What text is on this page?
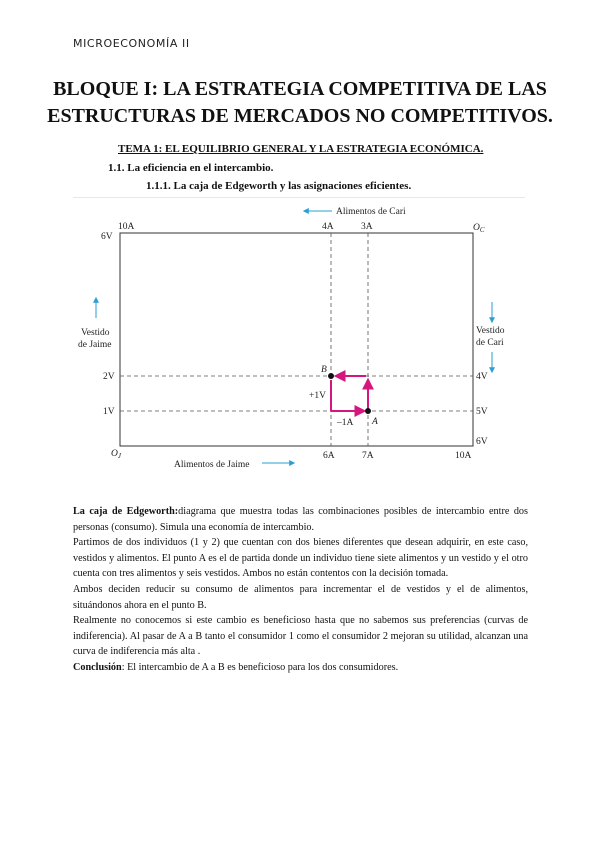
MICROECONOMÍA II
BLOQUE I: LA ESTRATEGIA COMPETITIVA DE LAS
ESTRUCTURAS DE MERCADOS NO COMPETITIVOS.
TEMA 1: EL EQUILIBRIO GENERAL Y LA ESTRATEGIA ECONÓMICA.
1.1. La eficiencia en el intercambio.
1.1.1. La caja de Edgeworth y las asignaciones eficientes.
Alimentos de Cari
Alimentos de Jaime
Vestido
de Jaime
Vestido
de Cari
$O_J$
$O_C$
10A	4A	3A
6A	7A	10A
6V
2V
1V
4V
5V
6V
B
A
+1V
–1A

La caja de Edgeworth:diagrama que muestra todas las combinaciones posibles de intercambio entre dos personas (consumo). Simula una economía de intercambio.

Partimos de dos individuos (1 y 2) que cuentan con dos bienes diferentes que desean adquirir, en este caso, vestidos y alimentos. El punto A es el de partida donde un individuo tiene siete alimentos y un vestido y el otro cuenta con tres alimentos y seis vestidos. Ambos no están contentos con la decisión tomada.

Ambos deciden reducir su consumo de alimentos para incrementar el de vestidos y el de alimentos, situándonos ahora en el punto B.

Realmente no conocemos si este cambio es beneficioso hasta que no sabemos sus preferencias (curvas de indiferencia). Al pasar de A a B tanto el consumidor 1 como el consumidor 2 mejoran su utilidad, alcanzan una curva de indiferencia más alta .

Conclusión: El intercambio de A a B es beneficioso para los dos consumidores.
